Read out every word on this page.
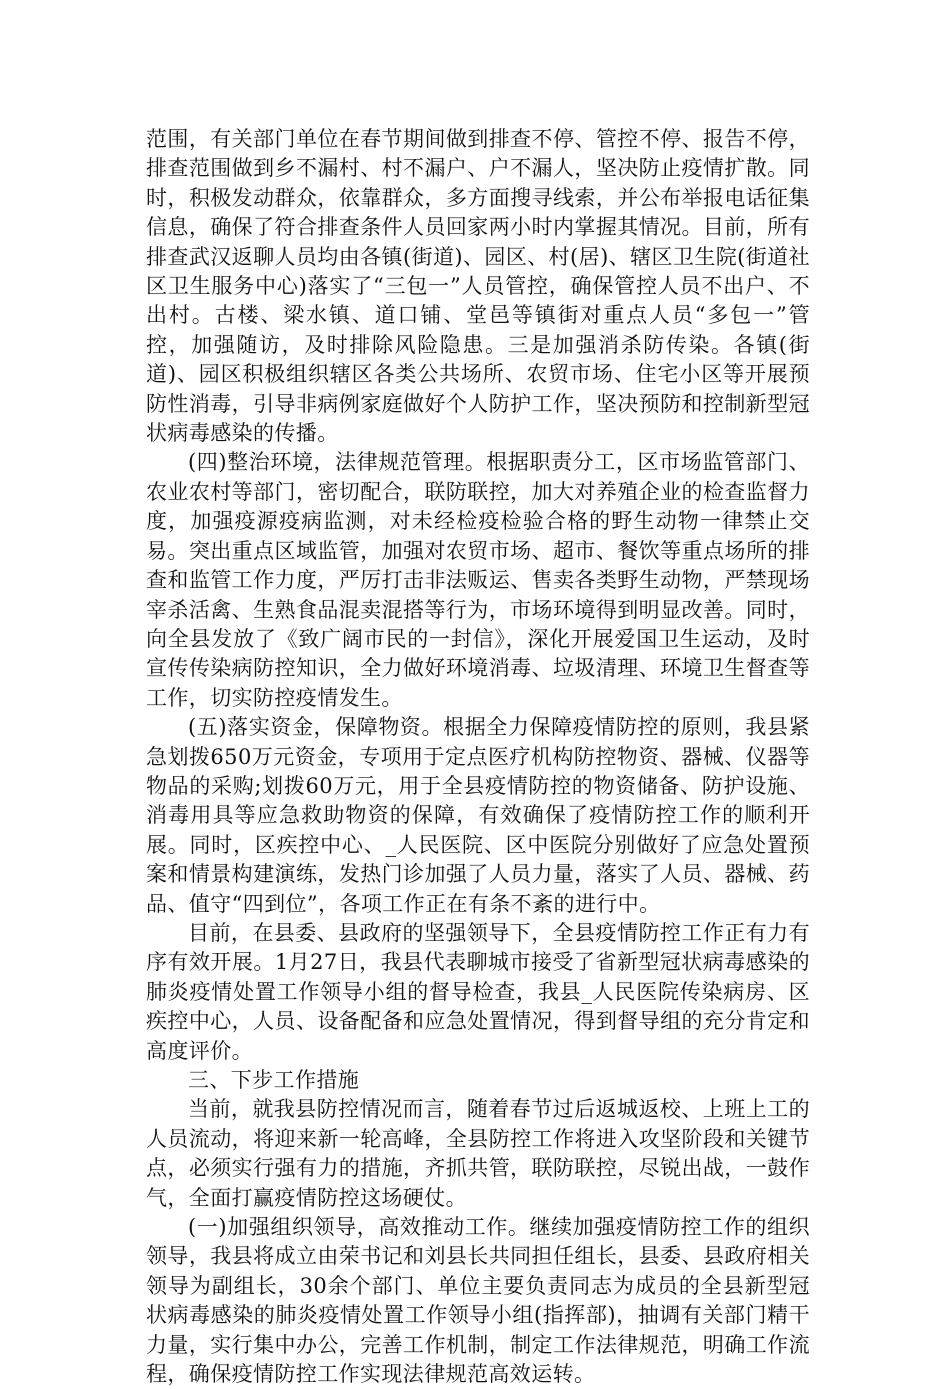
范围，有关部门单位在春节期间做到排查不停、管控不停、报告不停，排查范围做到乡不漏村、村不漏户、户不漏人，坚决防止疫情扩散。同时，积极发动群众，依靠群众，多方面搜寻线索，并公布举报电话征集信息，确保了符合排查条件人员回家两小时内掌握其情况。目前，所有排查武汉返聊人员均由各镇(街道)、园区、村(居)、辖区卫生院(街道社区卫生服务中心)落实了“三包一”人员管控，确保管控人员不出户、不出村。古楼、梁水镇、道口铺、堂邑等镇街对重点人员“多包一”管控，加强随访，及时排除风险隐患。三是加强消杀防传染。各镇(街道)、园区积极组织辖区各类公共场所、农贸市场、住宅小区等开展预防性消毒，引导非病例家庭做好个人防护工作，坚决预防和控制新型冠状病毒感染的传播。

(四)整治环境，法律规范管理。根据职责分工，区市场监管部门、农业农村等部门，密切配合，联防联控，加大对养殖企业的检查监督力度，加强疫源疫病监测，对未经检疫检验合格的野生动物一律禁止交易。突出重点区域监管，加强对农贸市场、超市、餐饮等重点场所的排查和监管工作力度，严厉打击非法贩运、售卖各类野生动物，严禁现场宰杀活禽、生熟食品混卖混搭等行为，市场环境得到明显改善。同时，向全县发放了《致广阔市民的一封信》，深化开展爱国卫生运动，及时宣传传染病防控知识，全力做好环境消毒、垃圾清理、环境卫生督查等工作，切实防控疫情发生。

(五)落实资金，保障物资。根据全力保障疫情防控的原则，我县紧急划拨650万元资金，专项用于定点医疗机构防控物资、器械、仪器等物品的采购;划拨60万元，用于全县疫情防控的物资储备、防护设施、消毒用具等应急救助物资的保障，有效确保了疫情防控工作的顺利开展。同时，区疾控中心、_人民医院、区中医院分别做好了应急处置预案和情景构建演练，发热门诊加强了人员力量，落实了人员、器械、药品、值守“四到位”，各项工作正在有条不紊的进行中。

目前，在县委、县政府的坚强领导下，全县疫情防控工作正有力有序有效开展。1月27日，我县代表聊城市接受了省新型冠状病毒感染的肺炎疫情处置工作领导小组的督导检查，我县_人民医院传染病房、区疾控中心，人员、设备配备和应急处置情况，得到督导组的充分肯定和高度评价。

三、下步工作措施

当前，就我县防控情况而言，随着春节过后返城返校、上班上工的人员流动，将迎来新一轮高峰，全县防控工作将进入攻坚阶段和关键节点，必须实行强有力的措施，齐抓共管，联防联控，尽锐出战，一鼓作气，全面打赢疫情防控这场硬仗。

(一)加强组织领导，高效推动工作。继续加强疫情防控工作的组织领导，我县将成立由荣书记和刘县长共同担任组长，县委、县政府相关领导为副组长，30余个部门、单位主要负责同志为成员的全县新型冠状病毒感染的肺炎疫情处置工作领导小组(指挥部)，抽调有关部门精干力量，实行集中办公，完善工作机制，制定工作法律规范，明确工作流程，确保疫情防控工作实现法律规范高效运转。
